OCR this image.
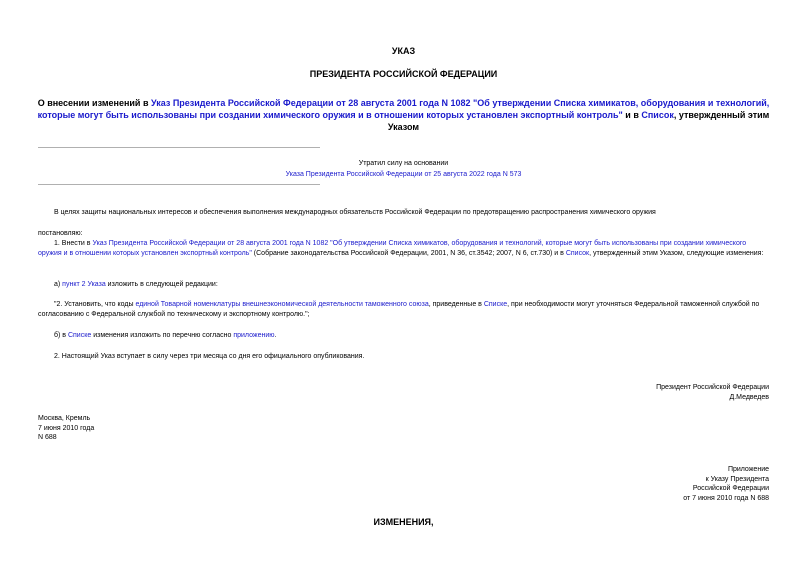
УКАЗ
ПРЕЗИДЕНТА РОССИЙСКОЙ ФЕДЕРАЦИИ
О внесении изменений в Указ Президента Российской Федерации от 28 августа 2001 года N 1082 "Об утверждении Списка химикатов, оборудования и технологий, которые могут быть использованы при создании химического оружия и в отношении которых установлен экспортный контроль" и в Список, утвержденный этим Указом
Утратил силу на основании
Указа Президента Российской Федерации от 25 августа 2022 года N 573
В целях защиты национальных интересов и обеспечения выполнения международных обязательств Российской Федерации по предотвращению распространения химического оружия
постановляю:
1. Внести в Указ Президента Российской Федерации от 28 августа 2001 года N 1082 "Об утверждении Списка химикатов, оборудования и технологий, которые могут быть использованы при создании химического оружия и в отношении которых установлен экспортный контроль" (Собрание законодательства Российской Федерации, 2001, N 36, ст.3542; 2007, N 6, ст.730) и в Список, утвержденный этим Указом, следующие изменения:
а) пункт 2 Указа изложить в следующей редакции:
"2. Установить, что коды единой Товарной номенклатуры внешнеэкономической деятельности таможенного союза, приведенные в Списке, при необходимости могут уточняться Федеральной таможенной службой по согласованию с Федеральной службой по техническому и экспортному контролю.";
б) в Списке изменения изложить по перечню согласно приложению.
2. Настоящий Указ вступает в силу через три месяца со дня его официального опубликования.
Президент Российской Федерации
Д.Медведев
Москва, Кремль
7 июня 2010 года
N 688
Приложение
к Указу Президента
Российской Федерации
от 7 июня 2010 года N 688
ИЗМЕНЕНИЯ,
